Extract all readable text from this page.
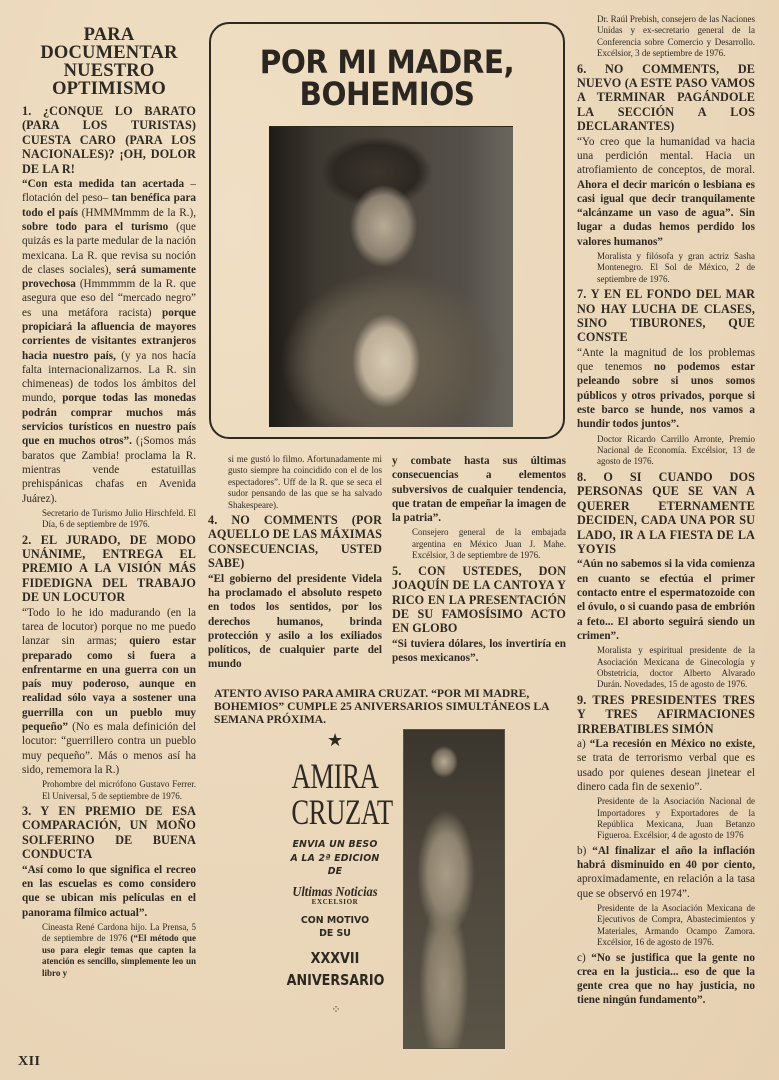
PARA
DOCUMENTAR
NUESTRO
OPTIMISMO

1. ¿CONQUE LO BARATO (PARA LOS TURISTAS) CUESTA CARO (PARA LOS NACIONALES)? ¡OH, DOLOR DE LA R!

“Con esta medida tan acertada –flotación del peso– tan benéfica para todo el país (HMMMmmm de la R.), sobre todo para el turismo (que quizás es la parte medular de la nación mexicana. La R. que revisa su noción de clases sociales), será sumamente provechosa (Hmmmmm de la R. que asegura que eso del “mercado negro” es una metáfora racista) porque propiciará la afluencia de mayores corrientes de visitantes extranjeros hacia nuestro país, (y ya nos hacía falta internacionalizarnos. La R. sin chimeneas) de todos los ámbitos del mundo, porque todas las monedas podrán comprar muchos más servicios turísticos en nuestro país que en muchos otros”. (¡Somos más baratos que Zambia! proclama la R. mientras vende estatuillas prehispánicas chafas en Avenida Juárez).

Secretario de Turismo Julio Hirschfeld. El Día, 6 de septiembre de 1976.

2. EL JURADO, DE MODO UNÁNIME, ENTREGA EL PREMIO A LA VISIÓN MÁS FIDEDIGNA DEL TRABAJO DE UN LOCUTOR

“Todo lo he ido madurando (en la tarea de locutor) porque no me puedo lanzar sin armas; quiero estar preparado como si fuera a enfrentarme en una guerra con un país muy poderoso, aunque en realidad sólo vaya a sostener una guerrilla con un pueblo muy pequeño” (No es mala definición del locutor: “guerrillero contra un pueblo muy pequeño”. Más o menos así ha sido, rememora la R.)

Prohombre del micrófono Gustavo Ferrer. El Universal, 5 de septiembre de 1976.

3. Y EN PREMIO DE ESA COMPARACIÓN, UN MOÑO SOLFERINO DE BUENA CONDUCTA

“Así como lo que significa el recreo en las escuelas es como considero que se ubican mis películas en el panorama fílmico actual”.

Cineasta René Cardona hijo. La Prensa, 5 de septiembre de 1976 (“El método que uso para elegir temas que capten la atención es sencillo, simplemente leo un libro y

POR MI MADRE,
BOHEMIOS

si me gustó lo filmo. Afortunadamente mi gusto siempre ha coincidido con el de los espectadores”. Uff de la R. que se seca el sudor pensando de las que se ha salvado Shakespeare).

4. NO COMMENTS (POR AQUELLO DE LAS MÁXIMAS CONSECUENCIAS, USTED SABE)

“El gobierno del presidente Videla ha proclamado el absoluto respeto en todos los sentidos, por los derechos humanos, brinda protección y asilo a los exiliados políticos, de cualquier parte del mundo

y combate hasta sus últimas consecuencias a elementos subversivos de cualquier tendencia, que tratan de empeñar la imagen de la patria”.

Consejero general de la embajada argentina en México Juan J. Mahe. Excélsior, 3 de septiembre de 1976.

5. CON USTEDES, DON JOAQUÍN DE LA CANTOYA Y RICO EN LA PRESENTACIÓN DE SU FAMOSÍSIMO ACTO EN GLOBO

“Si tuviera dólares, los invertiría en pesos mexicanos”.

ATENTO AVISO PARA AMIRA CRUZAT. “POR MI MADRE, BOHEMIOS” CUMPLE 25 ANIVERSARIOS SIMULTÁNEOS LA SEMANA PRÓXIMA.
★
AMIRA
CRUZAT
ENVIA UN BESO
A LA 2ª EDICION
DE
Ultimas Noticias
EXCELSIOR
CON MOTIVO
DE SU
XXXVII
ANIVERSARIO
⁘

Dr. Raúl Prebish, consejero de las Naciones Unidas y ex-secretario general de la Conferencia sobre Comercio y Desarrollo. Excélsior, 3 de septiembre de 1976.

6. NO COMMENTS, DE NUEVO (A ESTE PASO VAMOS A TERMINAR PAGÁNDOLE LA SECCIÓN A LOS DECLARANTES)

“Yo creo que la humanidad va hacia una perdición mental. Hacia un atrofiamiento de conceptos, de moral. Ahora el decir maricón o lesbiana es casi igual que decir tranquilamente “alcánzame un vaso de agua”. Sin lugar a dudas hemos perdido los valores humanos”

Moralista y filósofa y gran actriz Sasha Montenegro. El Sol de México, 2 de septiembre de 1976.

7. Y EN EL FONDO DEL MAR NO HAY LUCHA DE CLASES, SINO TIBURONES, QUE CONSTE

“Ante la magnitud de los problemas que tenemos no podemos estar peleando sobre si unos somos públicos y otros privados, porque si este barco se hunde, nos vamos a hundir todos juntos”.

Doctor Ricardo Carrillo Arronte, Premio Nacional de Economía. Excélsior, 13 de agosto de 1976.

8. O SI CUANDO DOS PERSONAS QUE SE VAN A QUERER ETERNAMENTE DECIDEN, CADA UNA POR SU LADO, IR A LA FIESTA DE LA YOYIS

“Aún no sabemos si la vida comienza en cuanto se efectúa el primer contacto entre el espermatozoide con el óvulo, o si cuando pasa de embrión a feto... El aborto seguirá siendo un crimen”.

Moralista y espiritual presidente de la Asociación Mexicana de Ginecología y Obstetricia, doctor Alberto Alvarado Durán. Novedades, 15 de agosto de 1976.

9. TRES PRESIDENTES TRES Y TRES AFIRMACIONES IRREBATIBLES SIMÓN

a) “La recesión en México no existe, se trata de terrorismo verbal que es usado por quienes desean jinetear el dinero cada fin de sexenio”.

Presidente de la Asociación Nacional de Importadores y Exportadores de la República Mexicana, Juan Betanzo Figueroa. Excélsior, 4 de agosto de 1976

b) “Al finalizar el año la inflación habrá disminuido en 40 por ciento, aproximadamente, en relación a la tasa que se observó en 1974”.

Presidente de la Asociación Mexicana de Ejecutivos de Compra, Abastecimientos y Materiales, Armando Ocampo Zamora. Excélsior, 16 de agosto de 1976.

c) “No se justifica que la gente no crea en la justicia... eso de que la gente crea que no hay justicia, no tiene ningún fundamento”.

XII
